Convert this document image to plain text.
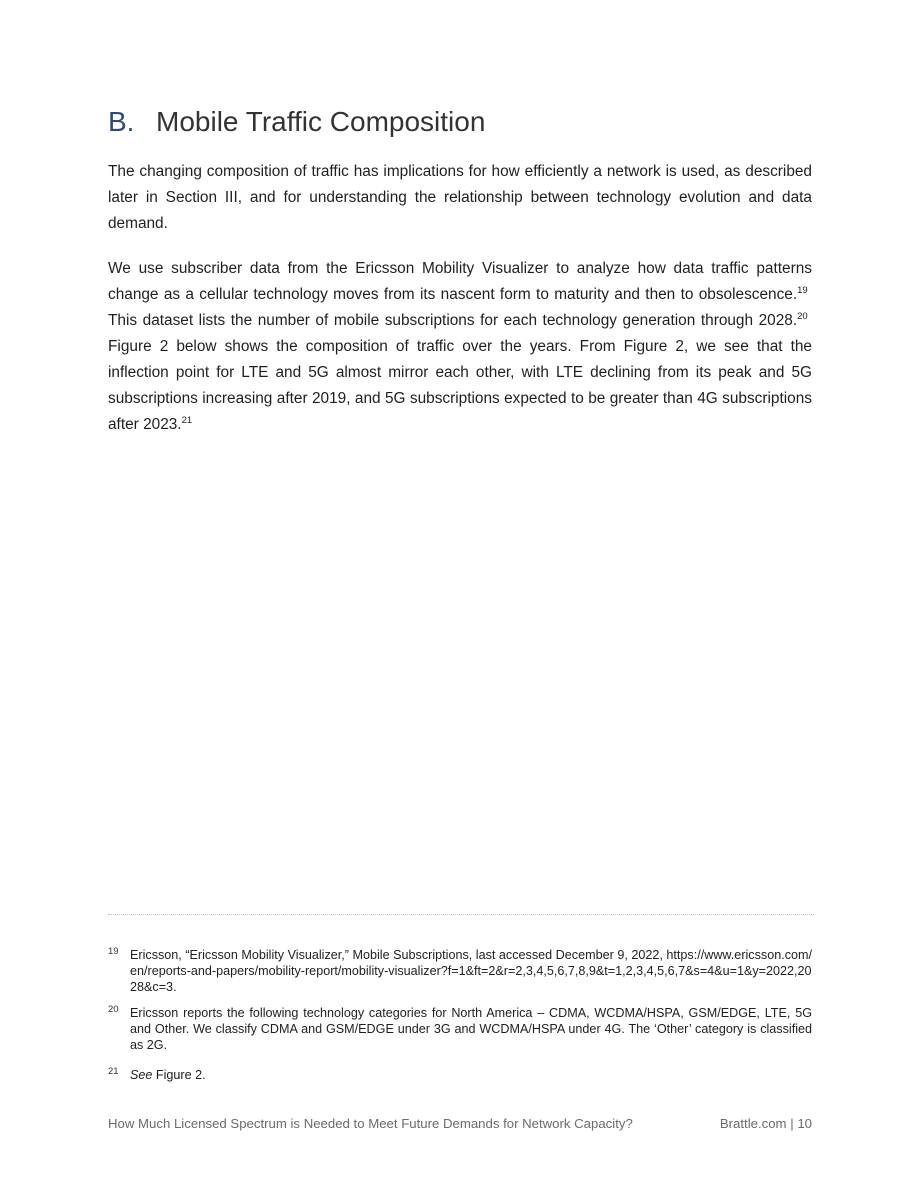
B. Mobile Traffic Composition

The changing composition of traffic has implications for how efficiently a network is used, as described later in Section III, and for understanding the relationship between technology evolution and data demand.

We use subscriber data from the Ericsson Mobility Visualizer to analyze how data traffic patterns change as a cellular technology moves from its nascent form to maturity and then to obsolescence.$^{19}$  This dataset lists the number of mobile subscriptions for each technology generation through 2028.20  Figure 2 below shows the composition of traffic over the years. From Figure 2, we see that the inflection point for LTE and 5G almost mirror each other, with LTE declining from its peak and 5G subscriptions increasing after 2019, and 5G subscriptions expected to be greater than 4G subscriptions after 2023.21

19 Ericsson, “Ericsson Mobility Visualizer,” Mobile Subscriptions, last accessed December 9, 2022, https://www.ericsson.com/en/reports-and-papers/mobility-report/mobility-visualizer?f=1&ft=2&r=2,3,4,5,6,7,8,9&t=1,2,3,4,5,6,7&s=4&u=1&y=2022,2028&c=3.
20 Ericsson reports the following technology categories for North America – CDMA, WCDMA/HSPA, GSM/EDGE, LTE, 5G and Other. We classify CDMA and GSM/EDGE under 3G and WCDMA/HSPA under 4G. The ‘Other’ category is classified as 2G.
21 See Figure 2.
How Much Licensed Spectrum is Needed to Meet Future Demands for Network Capacity?	Brattle.com | 10
